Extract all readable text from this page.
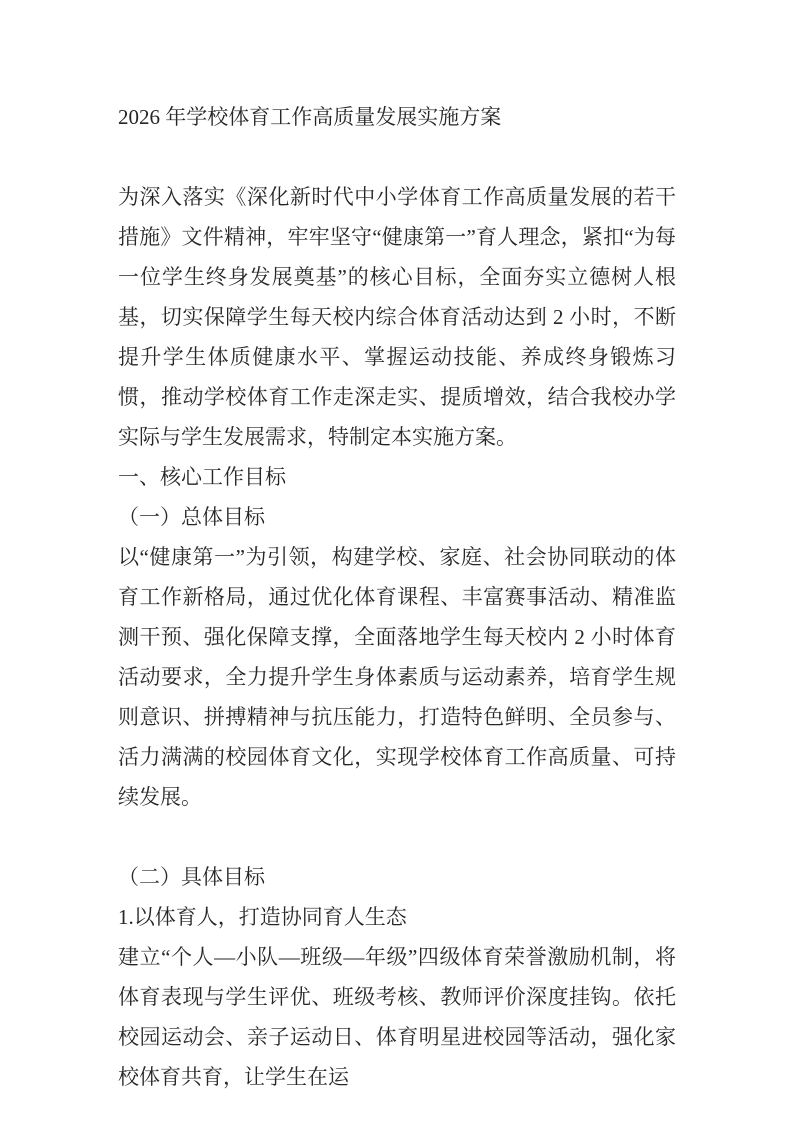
2026 年学校体育工作高质量发展实施方案

为深入落实《深化新时代中小学体育工作高质量发展的若干措施》文件精神，牢牢坚守“健康第一”育人理念，紧扣“为每一位学生终身发展奠基”的核心目标，全面夯实立德树人根基，切实保障学生每天校内综合体育活动达到 2 小时，不断提升学生体质健康水平、掌握运动技能、养成终身锻炼习惯，推动学校体育工作走深走实、提质增效，结合我校办学实际与学生发展需求，特制定本实施方案。

一、核心工作目标

（一）总体目标

以“健康第一”为引领，构建学校、家庭、社会协同联动的体育工作新格局，通过优化体育课程、丰富赛事活动、精准监测干预、强化保障支撑，全面落地学生每天校内 2 小时体育活动要求，全力提升学生身体素质与运动素养，培育学生规则意识、拼搏精神与抗压能力，打造特色鲜明、全员参与、活力满满的校园体育文化，实现学校体育工作高质量、可持续发展。

（二）具体目标

1.以体育人，打造协同育人生态

建立“个人—小队—班级—年级”四级体育荣誉激励机制，将体育表现与学生评优、班级考核、教师评价深度挂钩。依托校园运动会、亲子运动日、体育明星进校园等活动，强化家校体育共育，让学生在运
